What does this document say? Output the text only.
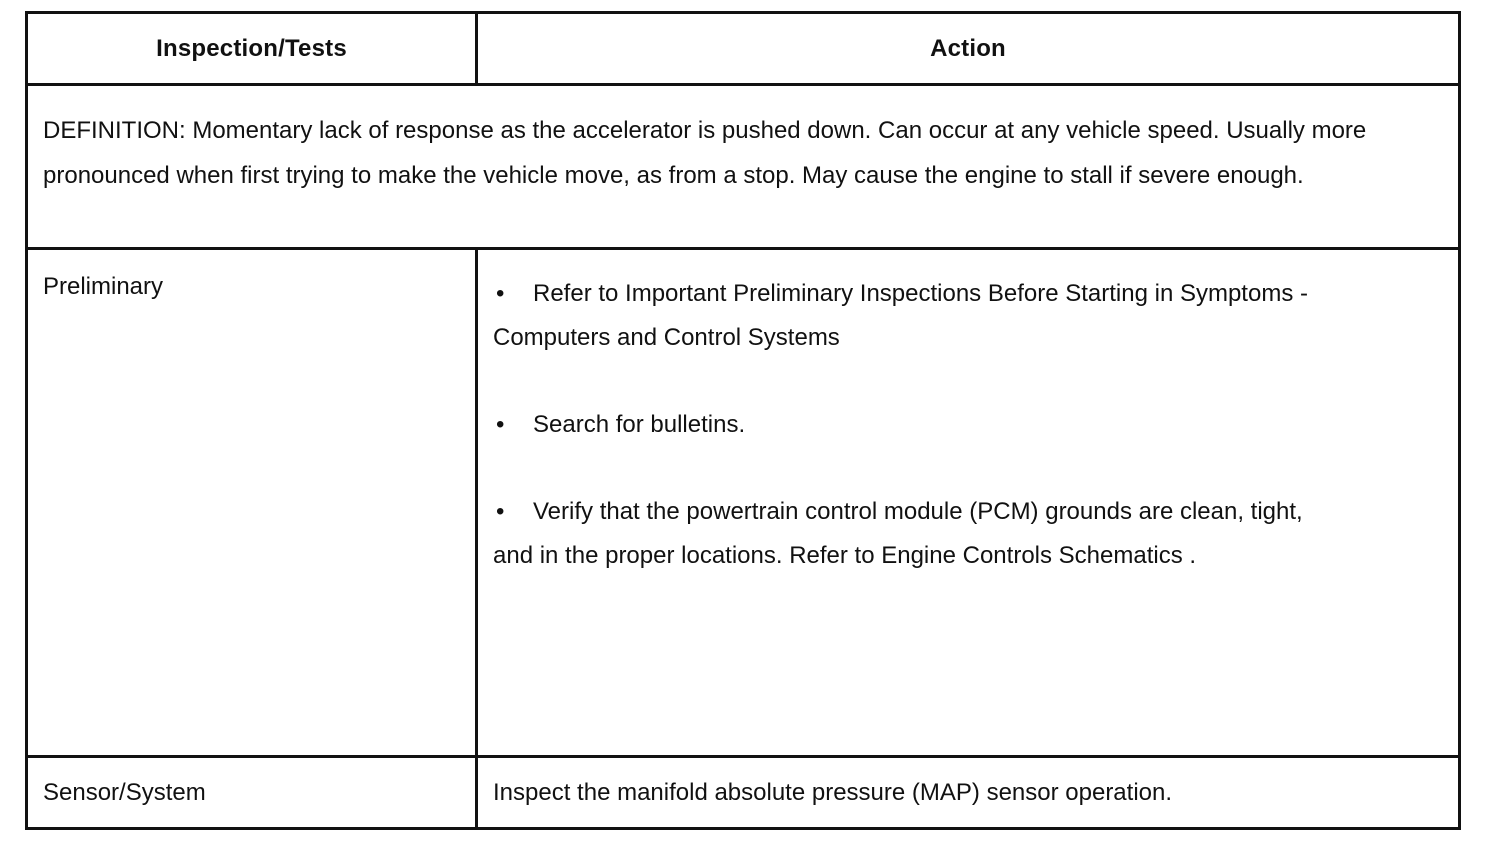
Inspection/Tests	Action
DEFINITION: Momentary lack of response as the accelerator is pushed down. Can occur at any vehicle speed. Usually more pronounced when first trying to make the vehicle move, as from a stop. May cause the engine to stall if severe enough.
Preliminary	• Refer to Important Preliminary Inspections Before Starting in Symptoms - Computers and Control Systems
• Search for bulletins.
• Verify that the powertrain control module (PCM) grounds are clean, tight, and in the proper locations. Refer to Engine Controls Schematics .
Sensor/System	Inspect the manifold absolute pressure (MAP) sensor operation.
